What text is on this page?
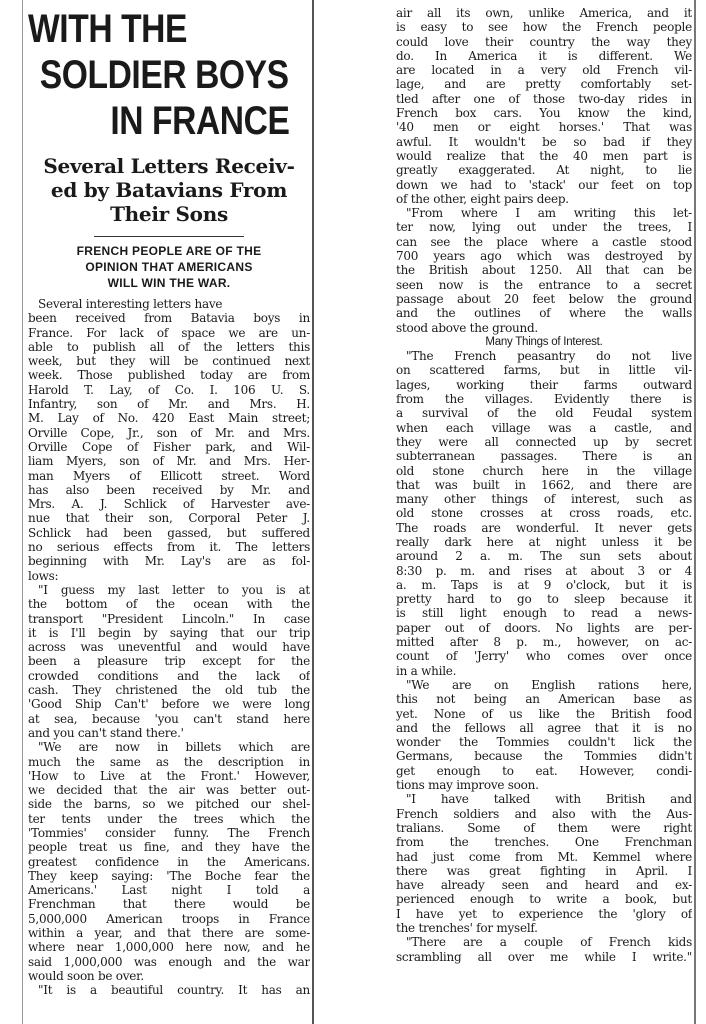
WITH THE
SOLDIER BOYS
IN FRANCE
Several Letters Receiv-
ed by Batavians From
Their Sons
FRENCH PEOPLE ARE OF THE
OPINION THAT AMERICANS
WILL WIN THE WAR.
Several interesting letters have
been received from Batavia boys in
France. For lack of space we are un-
able to publish all of the letters this
week, but they will be continued next
week. Those published today are from
Harold T. Lay, of Co. I. 106 U. S.
Infantry, son of Mr. and Mrs. H.
M. Lay of No. 420 East Main street;
Orville Cope, Jr., son of Mr. and Mrs.
Orville Cope of Fisher park, and Wil-
liam Myers, son of Mr. and Mrs. Her-
man Myers of Ellicott street. Word
has also been received by Mr. and
Mrs. A. J. Schlick of Harvester ave-
nue that their son, Corporal Peter J.
Schlick had been gassed, but suffered
no serious effects from it. The letters
beginning with Mr. Lay's are as fol-
lows:
"I guess my last letter to you is at
the bottom of the ocean with the
transport "President Lincoln." In case
it is I'll begin by saying that our trip
across was uneventful and would have
been a pleasure trip except for the
crowded conditions and the lack of
cash. They christened the old tub the
'Good Ship Can't' before we were long
at sea, because 'you can't stand here
and you can't stand there.'
"We are now in billets which are
much the same as the description in
'How to Live at the Front.' However,
we decided that the air was better out-
side the barns, so we pitched our shel-
ter tents under the trees which the
'Tommies' consider funny. The French
people treat us fine, and they have the
greatest confidence in the Americans.
They keep saying: 'The Boche fear the
Americans.' Last night I told a
Frenchman that there would be
5,000,000 American troops in France
within a year, and that there are some-
where near 1,000,000 here now, and he
said 1,000,000 was enough and the war
would soon be over.
"It is a beautiful country. It has an
air all its own, unlike America, and it
is easy to see how the French people
could love their country the way they
do. In America it is different. We
are located in a very old French vil-
lage, and are pretty comfortably set-
tled after one of those two-day rides in
French box cars. You know the kind,
'40 men or eight horses.' That was
awful. It wouldn't be so bad if they
would realize that the 40 men part is
greatly exaggerated. At night, to lie
down we had to 'stack' our feet on top
of the other, eight pairs deep.
"From where I am writing this let-
ter now, lying out under the trees, I
can see the place where a castle stood
700 years ago which was destroyed by
the British about 1250. All that can be
seen now is the entrance to a secret
passage about 20 feet below the ground
and the outlines of where the walls
stood above the ground.
Many Things of Interest.
"The French peasantry do not live
on scattered farms, but in little vil-
lages, working their farms outward
from the villages. Evidently there is
a survival of the old Feudal system
when each village was a castle, and
they were all connected up by secret
subterranean passages. There is an
old stone church here in the village
that was built in 1662, and there are
many other things of interest, such as
old stone crosses at cross roads, etc.
The roads are wonderful. It never gets
really dark here at night unless it be
around 2 a. m. The sun sets about
8:30 p. m. and rises at about 3 or 4
a. m. Taps is at 9 o'clock, but it is
pretty hard to go to sleep because it
is still light enough to read a news-
paper out of doors. No lights are per-
mitted after 8 p. m., however, on ac-
count of 'Jerry' who comes over once
in a while.
"We are on English rations here,
this not being an American base as
yet. None of us like the British food
and the fellows all agree that it is no
wonder the Tommies couldn't lick the
Germans, because the Tommies didn't
get enough to eat. However, condi-
tions may improve soon.
"I have talked with British and
French soldiers and also with the Aus-
tralians. Some of them were right
from the trenches. One Frenchman
had just come from Mt. Kemmel where
there was great fighting in April. I
have already seen and heard and ex-
perienced enough to write a book, but
I have yet to experience the 'glory of
the trenches' for myself.
"There are a couple of French kids
scrambling all over me while I write."
